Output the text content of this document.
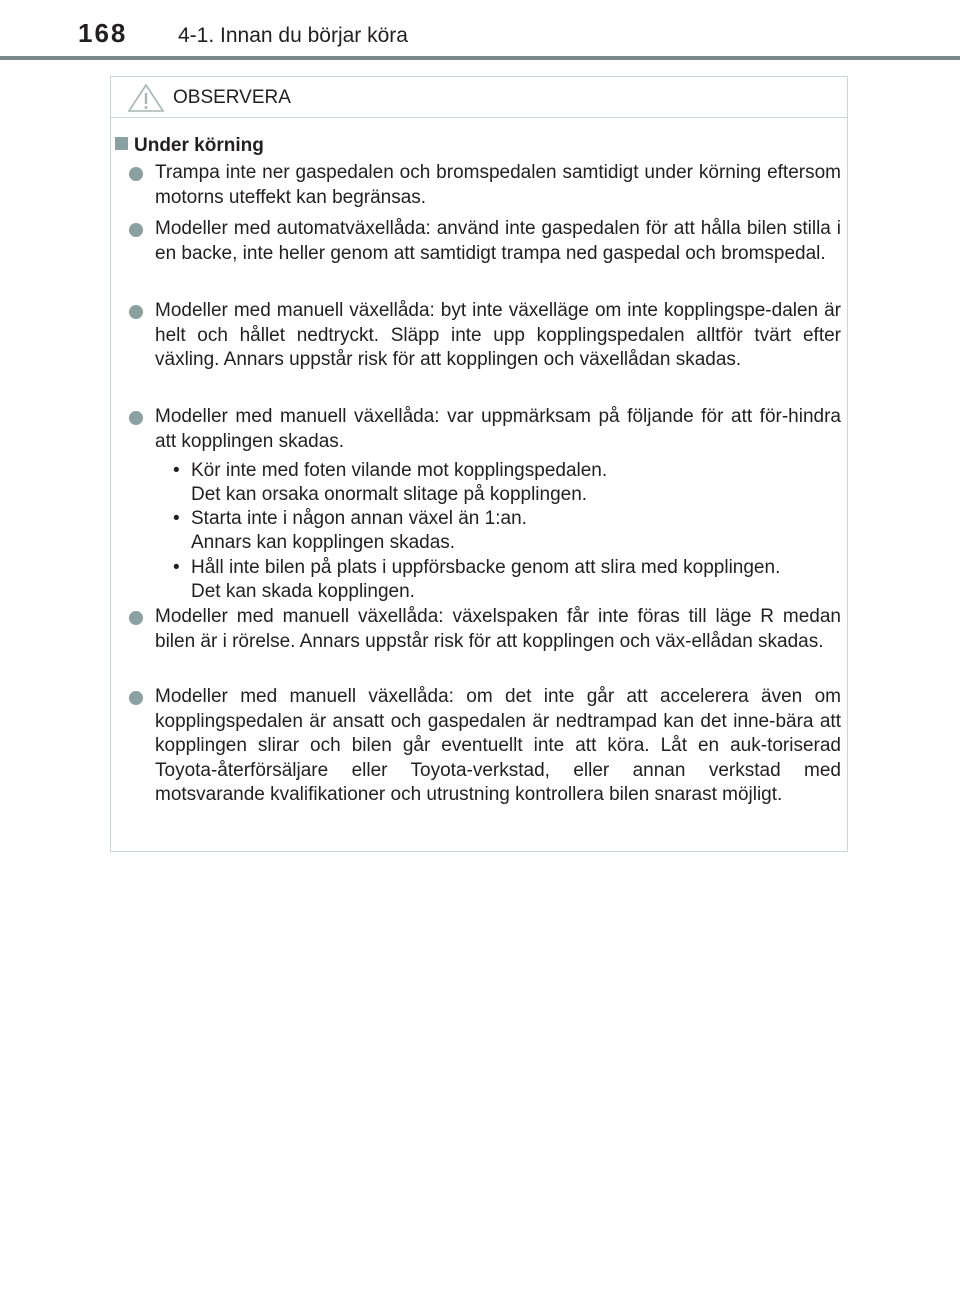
168 4-1. Innan du börjar köra
OBSERVERA
Under körning
Trampa inte ner gaspedalen och bromspedalen samtidigt under körning eftersom motorns uteffekt kan begränsas.
Modeller med automatväxellåda: använd inte gaspedalen för att hålla bilen stilla i en backe, inte heller genom att samtidigt trampa ned gaspedal och bromspedal.
Modeller med manuell växellåda: byt inte växelläge om inte kopplingspe-dalen är helt och hållet nedtryckt. Släpp inte upp kopplingspedalen alltför tvärt efter växling. Annars uppstår risk för att kopplingen och växellådan skadas.
Modeller med manuell växellåda: var uppmärksam på följande för att för-hindra att kopplingen skadas.
• Kör inte med foten vilande mot kopplingspedalen.
Det kan orsaka onormalt slitage på kopplingen.
• Starta inte i någon annan växel än 1:an.
Annars kan kopplingen skadas.
• Håll inte bilen på plats i uppförsbacke genom att slira med kopplingen.
Det kan skada kopplingen.
Modeller med manuell växellåda: växelspaken får inte föras till läge R medan bilen är i rörelse. Annars uppstår risk för att kopplingen och väx-ellådan skadas.
Modeller med manuell växellåda: om det inte går att accelerera även om kopplingspedalen är ansatt och gaspedalen är nedtrampad kan det inne-bära att kopplingen slirar och bilen går eventuellt inte att köra. Låt en auk-toriserad Toyota-återförsäljare eller Toyota-verkstad, eller annan verkstad med motsvarande kvalifikationer och utrustning kontrollera bilen snarast möjligt.
